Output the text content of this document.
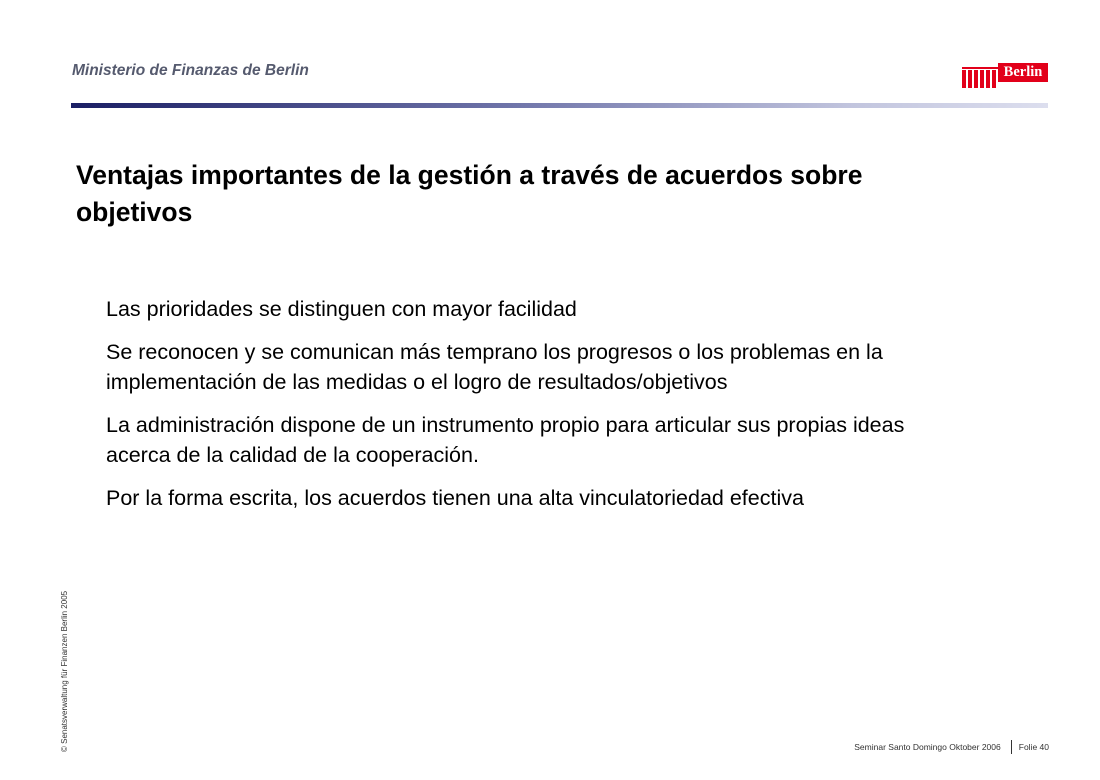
Ministerio de Finanzas de Berlin	Berlin
Ventajas importantes de la gestión a través de acuerdos sobre objetivos
Las prioridades se distinguen con mayor facilidad
Se reconocen y se comunican más temprano los progresos o los problemas en la implementación de las medidas o el logro de resultados/objetivos
La administración dispone de un instrumento propio para articular sus propias ideas acerca de la calidad de la cooperación.
Por la forma escrita, los acuerdos tienen una alta vinculatoriedad efectiva
© Senatsverwaltung für Finanzen Berlin 2005	Seminar Santo Domingo Oktober 2006 Folie 40
